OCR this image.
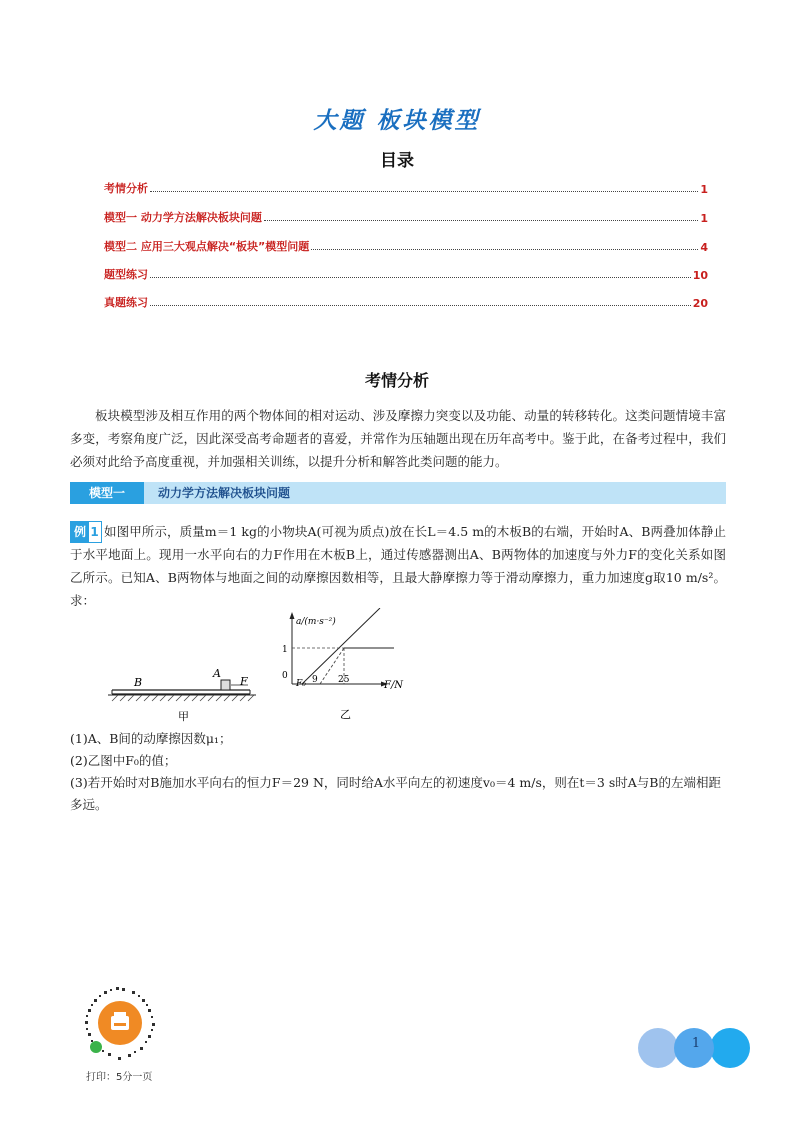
大题 板块模型
目录
考情分析	1
模型一 动力学方法解决板块问题	1
模型二 应用三大观点解决“板块”模型问题	4
题型练习	10
真题练习	20
考情分析
板块模型涉及相互作用的两个物体间的相对运动、涉及摩擦力突变以及功能、动量的转移转化。这类问题情境丰富多变，考察角度广泛，因此深受高考命题者的喜爱，并常作为压轴题出现在历年高考中。鉴于此，在备考过程中，我们必须对此给予高度重视，并加强相关训练，以提升分析和解答此类问题的能力。
模型一	动力学方法解决板块问题
如图甲所示，质量m＝1 kg的小物块A(可视为质点)放在长L＝4.5 m的木板B的右端，开始时A、B两叠加体静止于水平地面上。现用一水平向右的力F作用在木板B上，通过传感器测出A、B两物体的加速度与外力F的变化关系如图乙所示。已知A、B两物体与地面之间的动摩擦因数相等，且最大静摩擦力等于滑动摩擦力，重力加速度g取10 m/s²。求：
例 1
B
A
F
甲
a/(m·s⁻²)
1
0
F₀ 9 25	F/N
乙
(1)A、B间的动摩擦因数μ₁；
(2)乙图中F₀的值；
(3)若开始时对B施加水平向右的恒力F＝29 N，同时给A水平向左的初速度v₀＝4 m/s，则在t＝3 s时A与B的左端相距多远。
打印：5分一页
1
